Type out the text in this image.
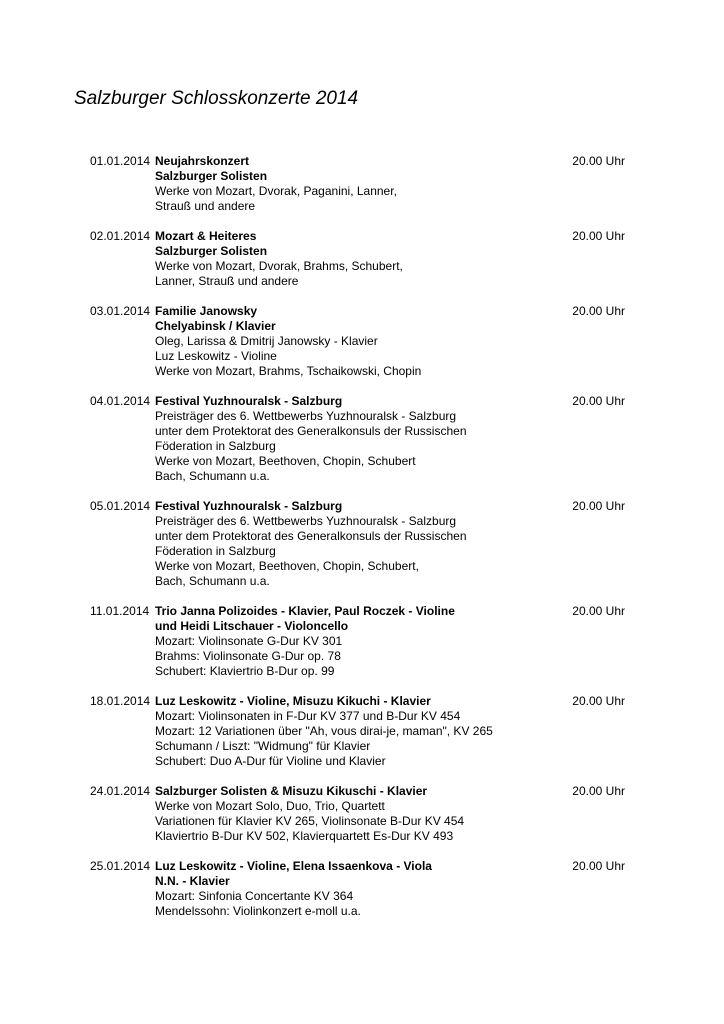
Salzburger Schlosskonzerte 2014
01.01.2014 Neujahrskonzert
Salzburger Solisten
Werke von Mozart, Dvorak, Paganini, Lanner,
Strauß und andere
20.00 Uhr
02.01.2014 Mozart & Heiteres
Salzburger Solisten
Werke von Mozart, Dvorak, Brahms, Schubert,
Lanner, Strauß und andere
20.00 Uhr
03.01.2014 Familie Janowsky
Chelyabinsk / Klavier
Oleg, Larissa & Dmitrij Janowsky - Klavier
Luz Leskowitz - Violine
Werke von Mozart, Brahms, Tschaikowski, Chopin
20.00 Uhr
04.01.2014 Festival Yuzhnouralsk - Salzburg
Preisträger des 6. Wettbewerbs Yuzhnouralsk - Salzburg
unter dem Protektorat des Generalkonsuls der Russischen
Föderation in Salzburg
Werke von Mozart, Beethoven, Chopin, Schubert
Bach, Schumann u.a.
20.00 Uhr
05.01.2014 Festival Yuzhnouralsk - Salzburg
Preisträger des 6. Wettbewerbs Yuzhnouralsk - Salzburg
unter dem Protektorat des Generalkonsuls der Russischen
Föderation in Salzburg
Werke von Mozart, Beethoven, Chopin, Schubert,
Bach, Schumann u.a.
20.00 Uhr
11.01.2014 Trio Janna Polizoides - Klavier, Paul Roczek - Violine
und Heidi Litschauer - Violoncello
Mozart: Violinsonate G-Dur KV 301
Brahms: Violinsonate G-Dur op. 78
Schubert: Klaviertrio B-Dur op. 99
20.00 Uhr
18.01.2014 Luz Leskowitz - Violine, Misuzu Kikuchi - Klavier
Mozart: Violinsonaten in F-Dur KV 377 und B-Dur KV 454
Mozart: 12 Variationen über "Ah, vous dirai-je, maman", KV 265
Schumann / Liszt: "Widmung" für Klavier
Schubert: Duo A-Dur für Violine und Klavier
20.00 Uhr
24.01.2014 Salzburger Solisten & Misuzu Kikuschi - Klavier
Werke von Mozart Solo, Duo, Trio, Quartett
Variationen für Klavier KV 265, Violinsonate B-Dur KV 454
Klaviertrio B-Dur KV 502, Klavierquartett Es-Dur KV 493
20.00 Uhr
25.01.2014 Luz Leskowitz - Violine, Elena Issaenkova - Viola
N.N. - Klavier
Mozart: Sinfonia Concertante KV 364
Mendelssohn: Violinkonzert e-moll u.a.
20.00 Uhr
